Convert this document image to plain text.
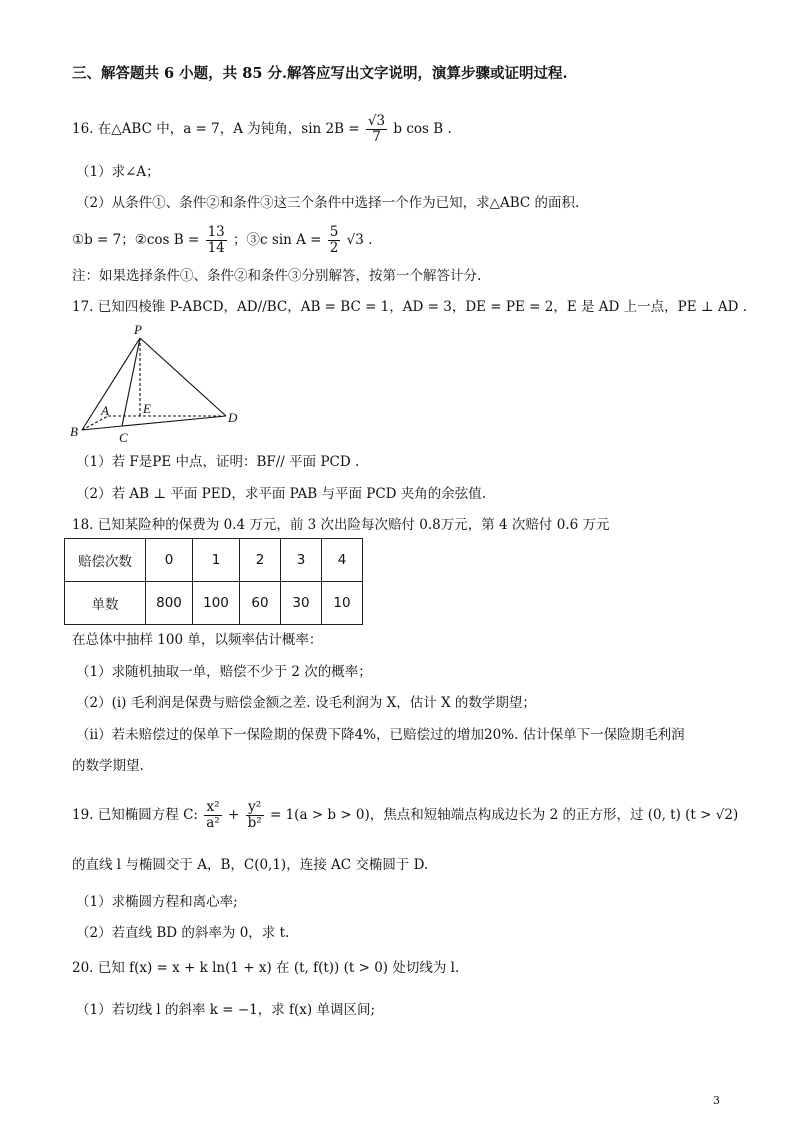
三、解答题共 6 小题，共 85 分.解答应写出文字说明，演算步骤或证明过程.
16. 在△ABC 中，a = 7，A 为钝角，$\sin 2B = \frac{√3}{7}$ b cos B .
（1）求∠A；
（2）从条件①、条件②和条件③这三个条件中选择一个作为已知，求△ABC 的面积.
①b = 7；②cos $B = \frac{13}{14}$ ；③c $\sin A = \frac{5}{2} √3$ .
注：如果选择条件①、条件②和条件③分别解答，按第一个解答计分.
17. 已知四棱锥 P-ABCD，AD//BC，AB = BC = 1，AD = 3，DE = PE = 2，E 是 AD 上一点，PE ⊥ AD .
P
A	E
D
B	C
（1）若 F是PE 中点，证明：BF// 平面 PCD .
（2）若 AB ⊥ 平面 PED，求平面 PAB 与平面 PCD 夹角的余弦值.
18. 已知某险种的保费为 0.4 万元，前 3 次出险每次赔付 0.8万元，第 4 次赔付 0.6 万元
赔偿次数	0	1	2	3	4
单数	800	100	60	30	10
在总体中抽样 100 单，以频率估计概率：
（1）求随机抽取一单，赔偿不少于 2 次的概率；
（2）(i) 毛利润是保费与赔偿金额之差. 设毛利润为 X，估计 X 的数学期望；
（ii）若未赔偿过的保单下一保险期的保费下降4%，已赔偿过的增加20%. 估计保单下一保险期毛利润
的数学期望.
19. 已知椭圆方程 C: $\frac{\text{x²}}{\text{a²}} + \frac{\text{y²}}{\text{b²}} = 1(a > b > 0)$，焦点和短轴端点构成边长为 2 的正方形，过 (0, t) (t > √2)
的直线 l 与椭圆交于 A，B，C(0,1)，连接 AC 交椭圆于 D.
（1）求椭圆方程和离心率;
（2）若直线 BD 的斜率为 0，求 t.
20. 已知 f(x) = x + k ln(1 + x) 在 (t, f(t)) (t > 0) 处切线为 l.
（1）若切线 l 的斜率 k = −1，求 f(x) 单调区间;
3
